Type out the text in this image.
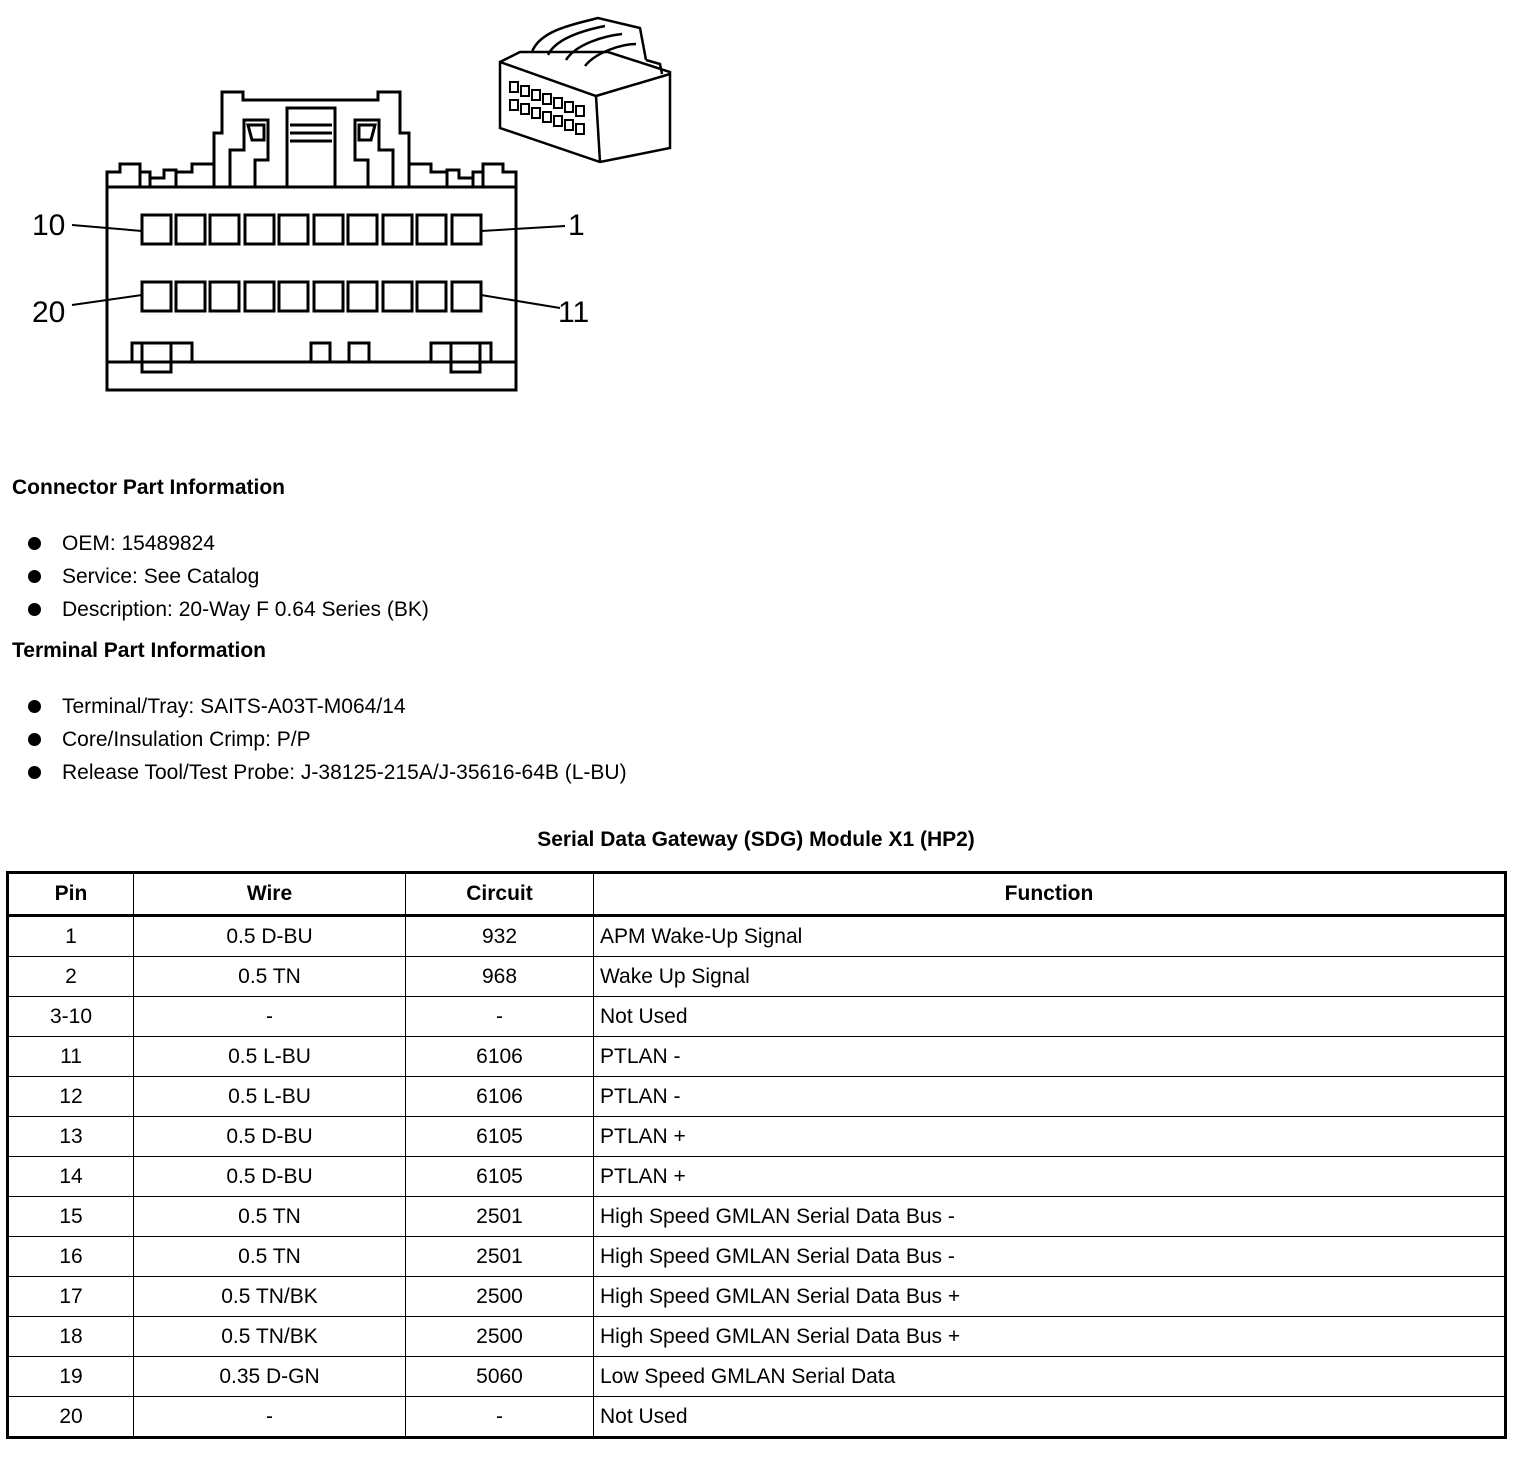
10	1
20	11
Connector Part Information
OEM: 15489824
Service: See Catalog
Description: 20-Way F 0.64 Series (BK)
Terminal Part Information
Terminal/Tray: SAITS-A03T-M064/14
Core/Insulation Crimp: P/P
Release Tool/Test Probe: J-38125-215A/J-35616-64B (L-BU)
Serial Data Gateway (SDG) Module X1 (HP2)
Pin	Wire	Circuit	Function
1	0.5 D-BU	932	APM Wake-Up Signal
2	0.5 TN	968	Wake Up Signal
3-10	-	-	Not Used
11	0.5 L-BU	6106	PTLAN -
12	0.5 L-BU	6106	PTLAN -
13	0.5 D-BU	6105	PTLAN +
14	0.5 D-BU	6105	PTLAN +
15	0.5 TN	2501	High Speed GMLAN Serial Data Bus -
16	0.5 TN	2501	High Speed GMLAN Serial Data Bus -
17	0.5 TN/BK	2500	High Speed GMLAN Serial Data Bus +
18	0.5 TN/BK	2500	High Speed GMLAN Serial Data Bus +
19	0.35 D-GN	5060	Low Speed GMLAN Serial Data
20	-	-	Not Used
